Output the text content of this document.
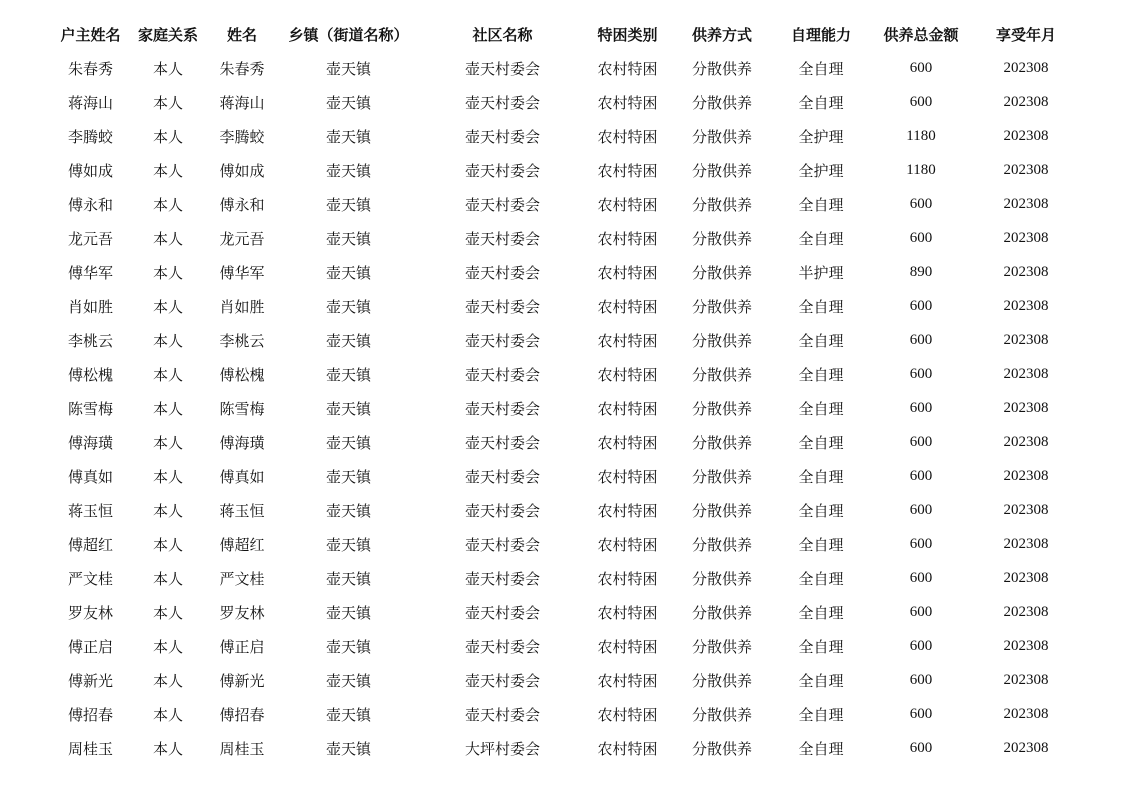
户主姓名	家庭关系	姓名	乡镇（街道名称）	社区名称	特困类别	供养方式	自理能力	供养总金额	享受年月
朱春秀	本人	朱春秀	壶天镇	壶天村委会	农村特困	分散供养	全自理	600	202308
蒋海山	本人	蒋海山	壶天镇	壶天村委会	农村特困	分散供养	全自理	600	202308
李腾蛟	本人	李腾蛟	壶天镇	壶天村委会	农村特困	分散供养	全护理	1180	202308
傅如成	本人	傅如成	壶天镇	壶天村委会	农村特困	分散供养	全护理	1180	202308
傅永和	本人	傅永和	壶天镇	壶天村委会	农村特困	分散供养	全自理	600	202308
龙元吾	本人	龙元吾	壶天镇	壶天村委会	农村特困	分散供养	全自理	600	202308
傅华军	本人	傅华军	壶天镇	壶天村委会	农村特困	分散供养	半护理	890	202308
肖如胜	本人	肖如胜	壶天镇	壶天村委会	农村特困	分散供养	全自理	600	202308
李桃云	本人	李桃云	壶天镇	壶天村委会	农村特困	分散供养	全自理	600	202308
傅松槐	本人	傅松槐	壶天镇	壶天村委会	农村特困	分散供养	全自理	600	202308
陈雪梅	本人	陈雪梅	壶天镇	壶天村委会	农村特困	分散供养	全自理	600	202308
傅海璜	本人	傅海璜	壶天镇	壶天村委会	农村特困	分散供养	全自理	600	202308
傅真如	本人	傅真如	壶天镇	壶天村委会	农村特困	分散供养	全自理	600	202308
蒋玉恒	本人	蒋玉恒	壶天镇	壶天村委会	农村特困	分散供养	全自理	600	202308
傅超红	本人	傅超红	壶天镇	壶天村委会	农村特困	分散供养	全自理	600	202308
严文桂	本人	严文桂	壶天镇	壶天村委会	农村特困	分散供养	全自理	600	202308
罗友林	本人	罗友林	壶天镇	壶天村委会	农村特困	分散供养	全自理	600	202308
傅正启	本人	傅正启	壶天镇	壶天村委会	农村特困	分散供养	全自理	600	202308
傅新光	本人	傅新光	壶天镇	壶天村委会	农村特困	分散供养	全自理	600	202308
傅招春	本人	傅招春	壶天镇	壶天村委会	农村特困	分散供养	全自理	600	202308
周桂玉	本人	周桂玉	壶天镇	大坪村委会	农村特困	分散供养	全自理	600	202308
